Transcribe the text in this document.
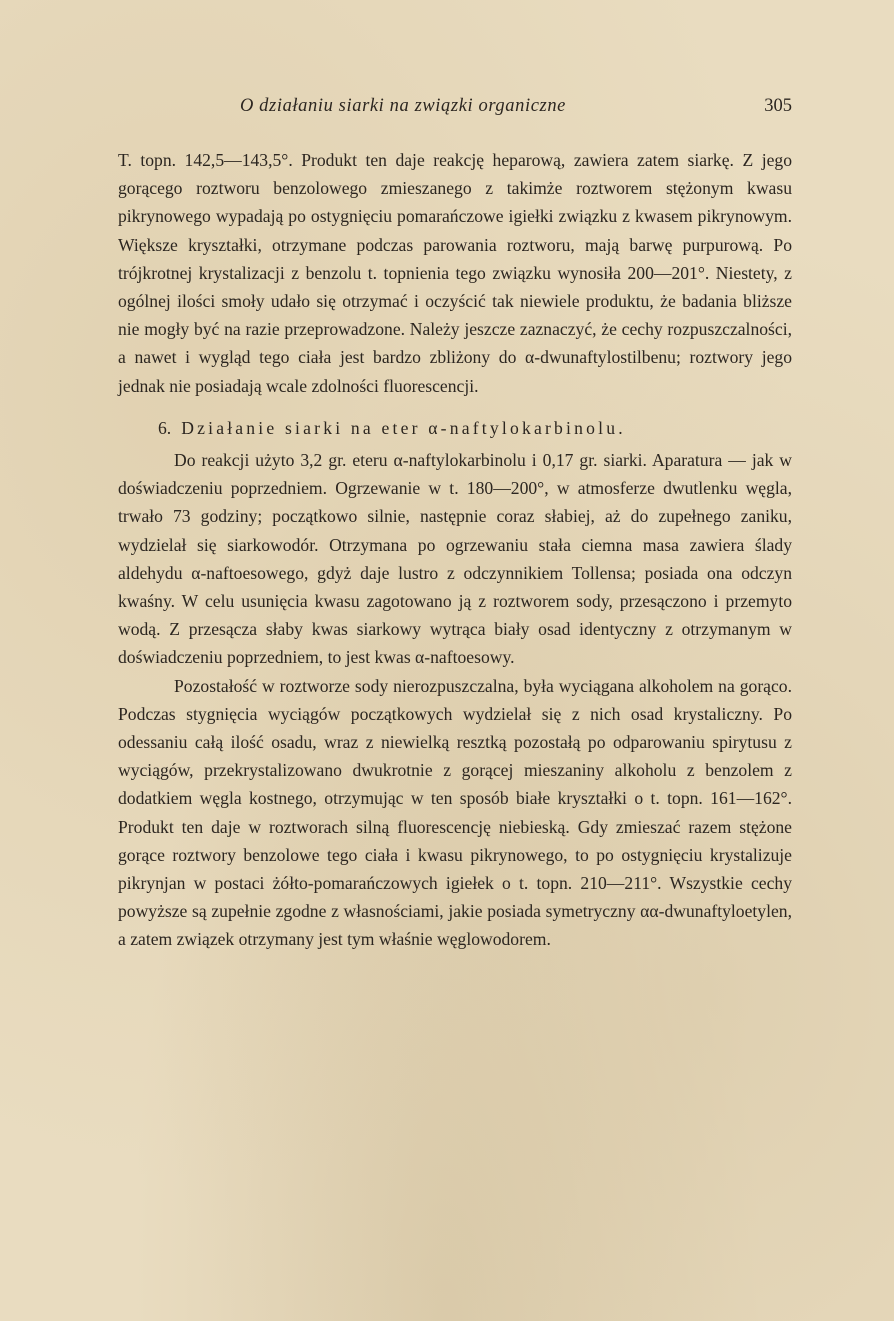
O działaniu siarki na związki organiczne	305

T. topn. 142,5—143,5°. Produkt ten daje reakcję heparową, zawiera zatem siarkę. Z jego gorącego roztworu benzolowego zmieszanego z takimże roztworem stężonym kwasu pikrynowego wypadają po ostygnięciu pomarańczowe igiełki związku z kwasem pikrynowym. Większe kryształki, otrzymane podczas parowania roztworu, mają barwę purpurową. Po trójkrotnej krystalizacji z benzolu t. topnienia tego związku wynosiła 200—201°. Niestety, z ogólnej ilości smoły udało się otrzymać i oczyścić tak niewiele produktu, że badania bliższe nie mogły być na razie przeprowadzone. Należy jeszcze zaznaczyć, że cechy rozpuszczalności, a nawet i wygląd tego ciała jest bardzo zbliżony do α-dwunaftylostilbenu; roztwory jego jednak nie posiadają wcale zdolności fluorescencji.

6. Działanie siarki na eter α-naftylokarbinolu.

Do reakcji użyto 3,2 gr. eteru α-naftylokarbinolu i 0,17 gr. siarki. Aparatura — jak w doświadczeniu poprzedniem. Ogrzewanie w t. 180—200°, w atmosferze dwutlenku węgla, trwało 73 godziny; początkowo silnie, następnie coraz słabiej, aż do zupełnego zaniku, wydzielał się siarkowodór. Otrzymana po ogrzewaniu stała ciemna masa zawiera ślady aldehydu α-naftoesowego, gdyż daje lustro z odczynnikiem Tollensa; posiada ona odczyn kwaśny. W celu usunięcia kwasu zagotowano ją z roztworem sody, przesączono i przemyto wodą. Z przesącza słaby kwas siarkowy wytrąca biały osad identyczny z otrzymanym w doświadczeniu poprzedniem, to jest kwas α-naftoesowy.

Pozostałość w roztworze sody nierozpuszczalna, była wyciągana alkoholem na gorąco. Podczas stygnięcia wyciągów początkowych wydzielał się z nich osad krystaliczny. Po odessaniu całą ilość osadu, wraz z niewielką resztką pozostałą po odparowaniu spirytusu z wyciągów, przekrystalizowano dwukrotnie z gorącej mieszaniny alkoholu z benzolem z dodatkiem węgla kostnego, otrzymując w ten sposób białe kryształki o t. topn. 161—162°. Produkt ten daje w roztworach silną fluorescencję niebieską. Gdy zmieszać razem stężone gorące roztwory benzolowe tego ciała i kwasu pikrynowego, to po ostygnięciu krystalizuje pikrynjan w postaci żółto-pomarańczowych igiełek o t. topn. 210—211°. Wszystkie cechy powyższe są zupełnie zgodne z własnościami, jakie posiada symetryczny αα-dwunaftyloetylen, a zatem związek otrzymany jest tym właśnie węglowodorem.
